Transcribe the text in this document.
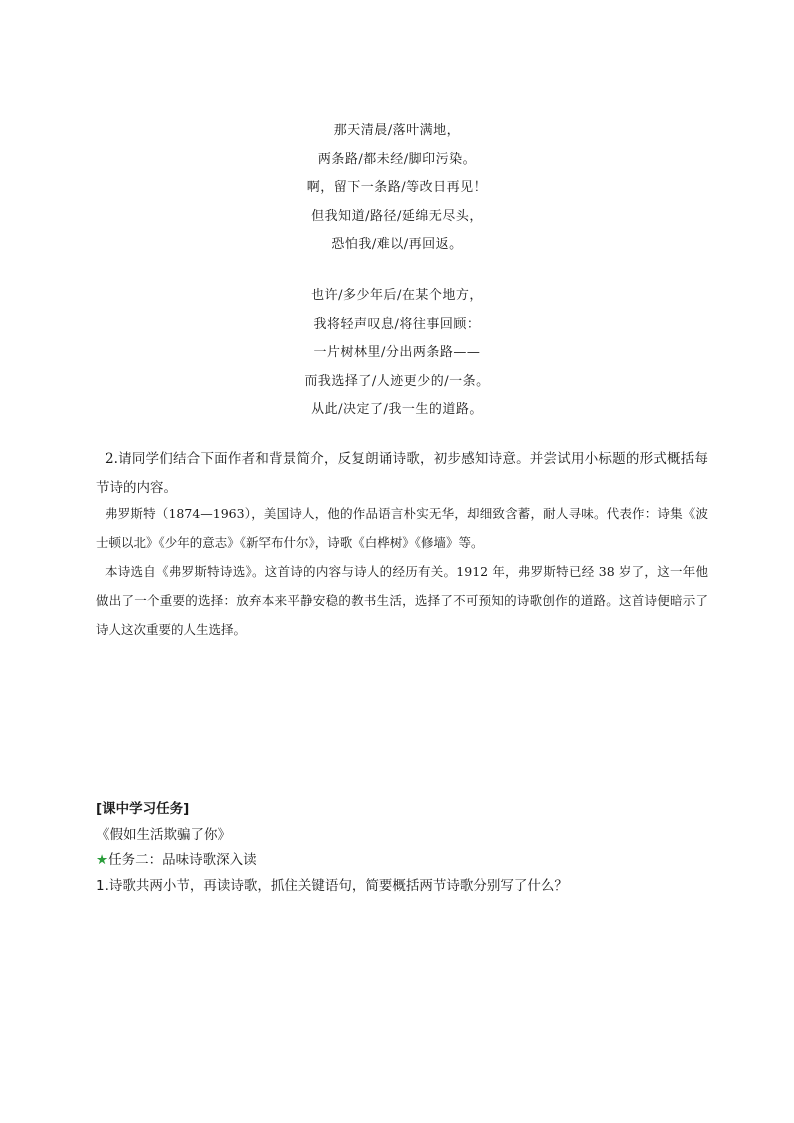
那天清晨/落叶满地，
两条路/都未经/脚印污染。
啊，留下一条路/等改日再见！
但我知道/路径/延绵无尽头，
恐怕我/难以/再回返。
也许/多少年后/在某个地方，
我将轻声叹息/将往事回顾：
一片树林里/分出两条路——
而我选择了/人迹更少的/一条。
从此/决定了/我一生的道路。

2.请同学们结合下面作者和背景简介，反复朗诵诗歌，初步感知诗意。并尝试用小标题的形式概括每节诗的内容。

弗罗斯特（1874—1963），美国诗人，他的作品语言朴实无华，却细致含蓄，耐人寻味。代表作：诗集《波士顿以北》《少年的意志》《新罕布什尔》，诗歌《白桦树》《修墙》等。

本诗选自《弗罗斯特诗选》。这首诗的内容与诗人的经历有关。1912 年，弗罗斯特已经 38 岁了，这一年他做出了一个重要的选择：放弃本来平静安稳的教书生活，选择了不可预知的诗歌创作的道路。这首诗便暗示了诗人这次重要的人生选择。

[课中学习任务]
《假如生活欺骗了你》
★任务二：品味诗歌深入读
1.诗歌共两小节，再读诗歌，抓住关键语句，简要概括两节诗歌分别写了什么？
